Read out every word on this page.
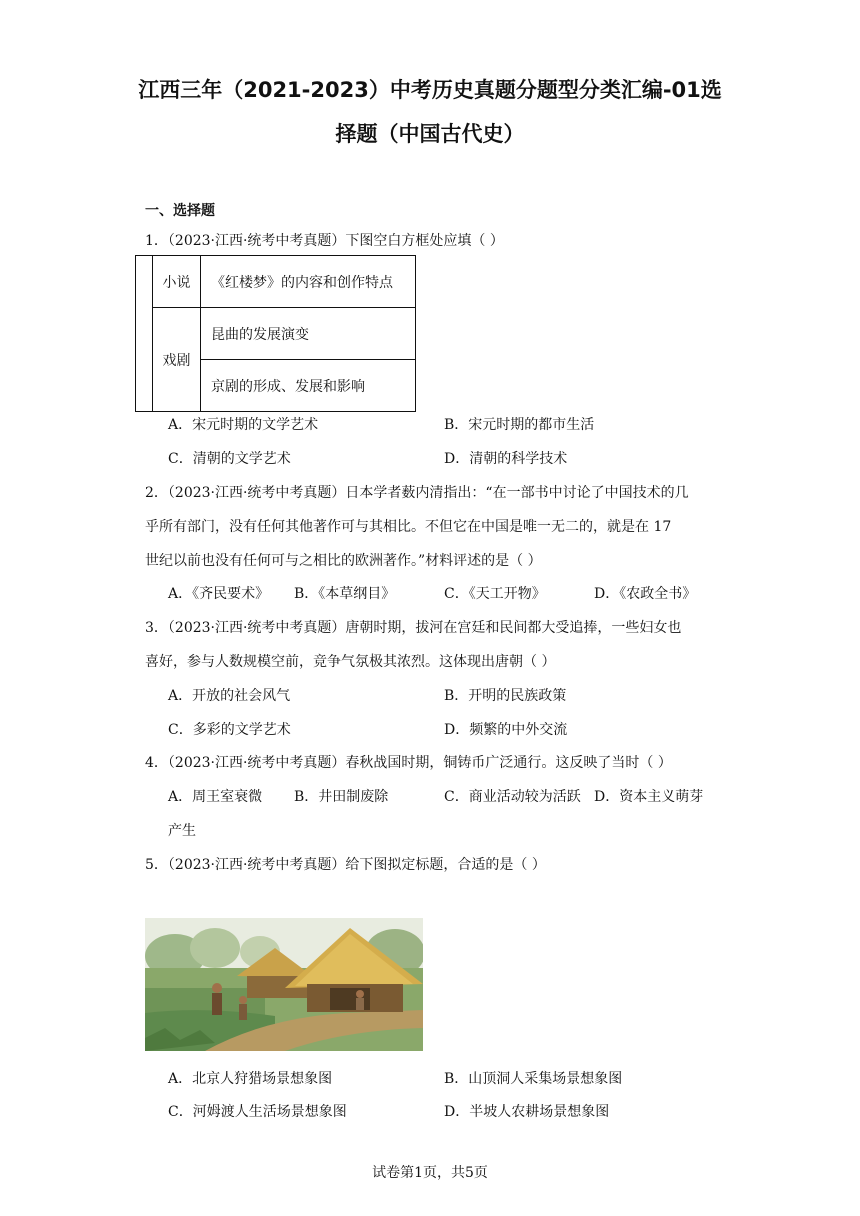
江西三年（2021-2023）中考历史真题分题型分类汇编-01选
择题（中国古代史）
一、选择题
1．（2023·江西·统考中考真题）下图空白方框处应填（ ）
	小说	《红楼梦》的内容和创作特点
	戏剧	昆曲的发展演变
		京剧的形成、发展和影响
A．宋元时期的文学艺术	B．宋元时期的都市生活
C．清朝的文学艺术	D．清朝的科学技术
2．（2023·江西·统考中考真题）日本学者薮内清指出：“在一部书中讨论了中国技术的几
乎所有部门，没有任何其他著作可与其相比。不但它在中国是唯一无二的，就是在 17
世纪以前也没有任何可与之相比的欧洲著作。”材料评述的是（ ）
A．《齐民要术》 B．《本草纲目》	C．《天工开物》	D．《农政全书》
3．（2023·江西·统考中考真题）唐朝时期，拔河在宫廷和民间都大受追捧，一些妇女也
喜好，参与人数规模空前，竞争气氛极其浓烈。这体现出唐朝（ ）
A．开放的社会风气	B．开明的民族政策
C．多彩的文学艺术	D．频繁的中外交流
4．（2023·江西·统考中考真题）春秋战国时期，铜铸币广泛通行。这反映了当时（ ）
A．周王室衰微 B．井田制废除	C．商业活动较为活跃 D．资本主义萌芽
产生
5．（2023·江西·统考中考真题）给下图拟定标题，合适的是（ ）
A．北京人狩猎场景想象图	B．山顶洞人采集场景想象图
C．河姆渡人生活场景想象图	D．半坡人农耕场景想象图
试卷第1页，共5页
